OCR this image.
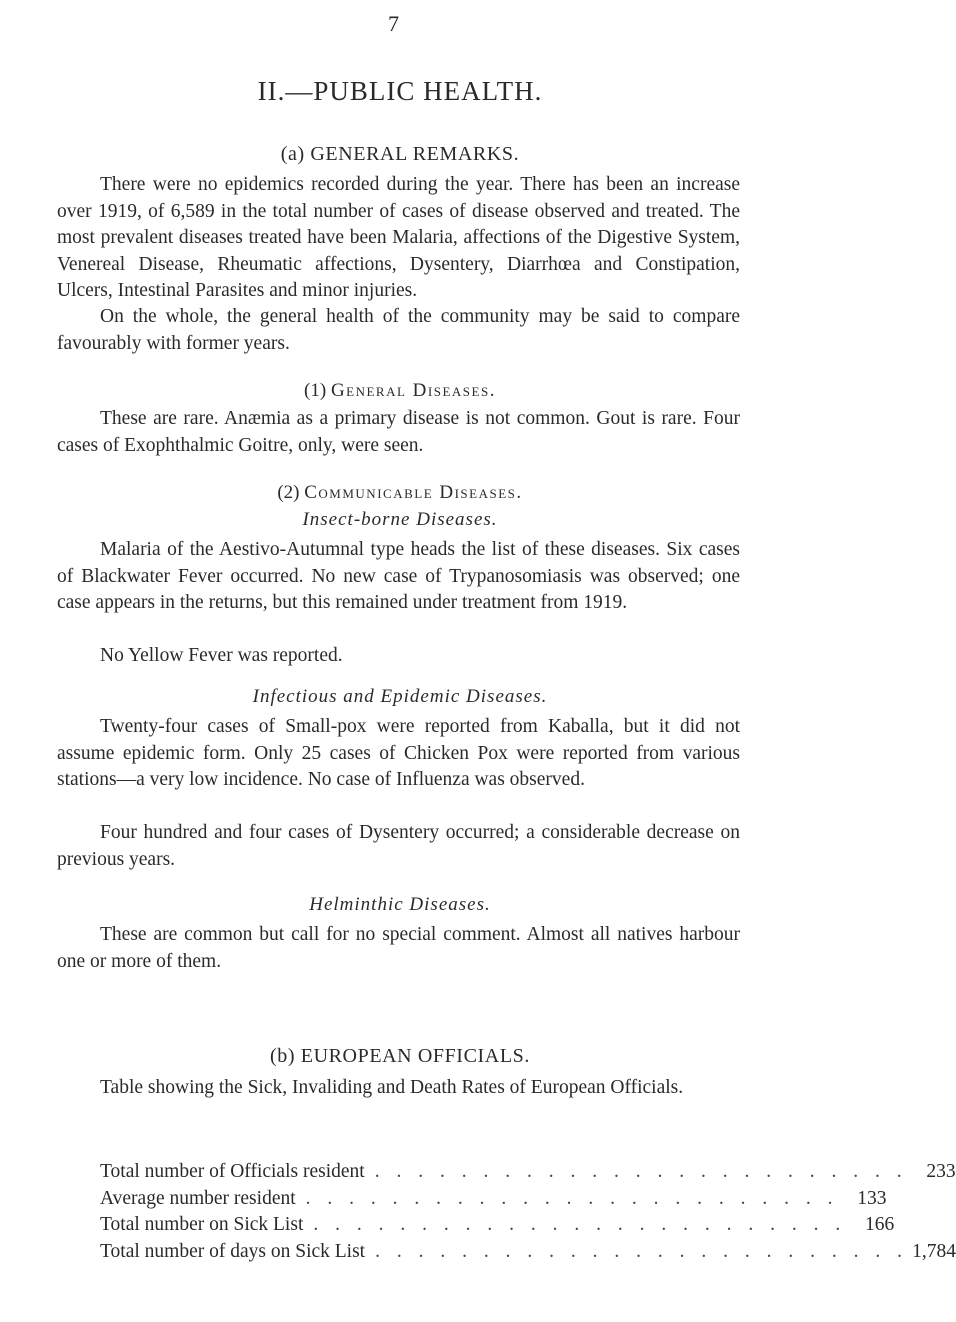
7
II.—PUBLIC HEALTH.
(a) GENERAL REMARKS.

There were no epidemics recorded during the year. There has been an increase over 1919, of 6,589 in the total number of cases of disease observed and treated. The most prevalent diseases treated have been Malaria, affections of the Digestive System, Venereal Disease, Rheumatic affections, Dysentery, Diarrhœa and Constipation, Ulcers, Intestinal Parasites and minor injuries.

On the whole, the general health of the community may be said to compare favourably with former years.

(1) General Diseases.

These are rare. Anæmia as a primary disease is not common. Gout is rare. Four cases of Exophthalmic Goitre, only, were seen.

(2) Communicable Diseases.
Insect-borne Diseases.

Malaria of the Aestivo-Autumnal type heads the list of these diseases. Six cases of Blackwater Fever occurred. No new case of Trypanosomiasis was observed; one case appears in the returns, but this remained under treatment from 1919.

No Yellow Fever was reported.

Infectious and Epidemic Diseases.

Twenty-four cases of Small-pox were reported from Kaballa, but it did not assume epidemic form. Only 25 cases of Chicken Pox were reported from various stations—a very low incidence. No case of Influenza was observed.

Four hundred and four cases of Dysentery occurred; a considerable decrease on previous years.

Helminthic Diseases.

These are common but call for no special comment. Almost all natives harbour one or more of them.

(b) EUROPEAN OFFICIALS.

Table showing the Sick, Invaliding and Death Rates of European Officials.

Total number of Officials resident . . . . . . . . . . . . . . . . . . . . . . . . . 233
Average number resident . . . . . . . . . . . . . . . . . . . . . . . . . 133
Total number on Sick List . . . . . . . . . . . . . . . . . . . . . . . . . 166
Total number of days on Sick List . . . . . . . . . . . . . . . . . . . . . . . . . 1,784
